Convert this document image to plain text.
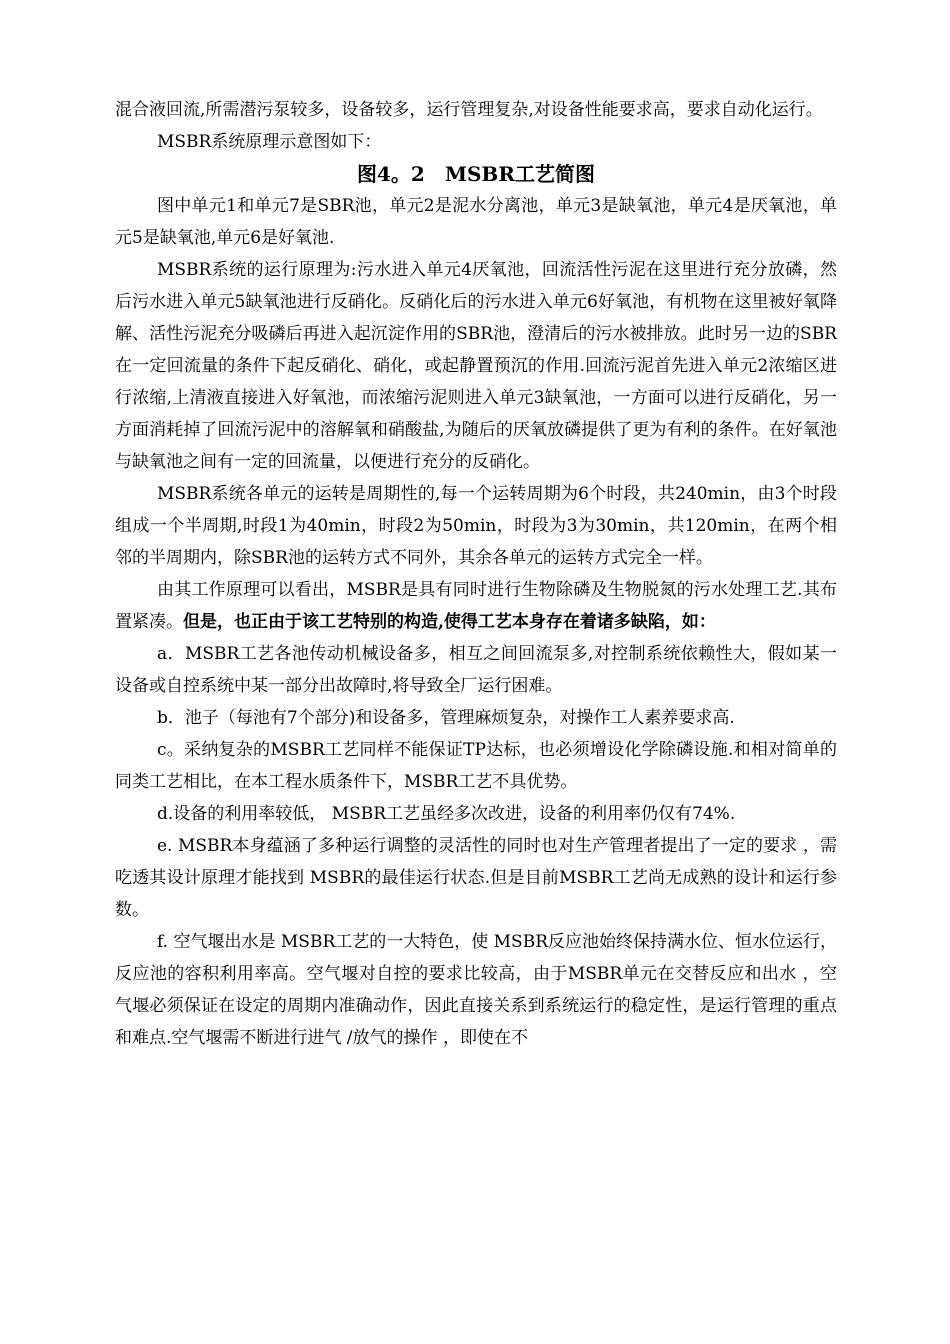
混合液回流,所需潜污泵较多，设备较多，运行管理复杂,对设备性能要求高，要求自动化运行。

MSBR系统原理示意图如下：

图4。2　MSBR工艺简图

图中单元1和单元7是SBR池，单元2是泥水分离池，单元3是缺氧池，单元4是厌氧池，单元5是缺氧池,单元6是好氧池.

MSBR系统的运行原理为:污水进入单元4厌氧池，回流活性污泥在这里进行充分放磷，然后污水进入单元5缺氧池进行反硝化。反硝化后的污水进入单元6好氧池，有机物在这里被好氧降解、活性污泥充分吸磷后再进入起沉淀作用的SBR池，澄清后的污水被排放。此时另一边的SBR在一定回流量的条件下起反硝化、硝化，或起静置预沉的作用.回流污泥首先进入单元2浓缩区进行浓缩,上清液直接进入好氧池，而浓缩污泥则进入单元3缺氧池，一方面可以进行反硝化，另一方面消耗掉了回流污泥中的溶解氧和硝酸盐,为随后的厌氧放磷提供了更为有利的条件。在好氧池与缺氧池之间有一定的回流量，以便进行充分的反硝化。

MSBR系统各单元的运转是周期性的,每一个运转周期为6个时段，共240min，由3个时段组成一个半周期,时段1为40min，时段2为50min，时段为3为30min，共120min，在两个相邻的半周期内，除SBR池的运转方式不同外，其余各单元的运转方式完全一样。

由其工作原理可以看出，MSBR是具有同时进行生物除磷及生物脱氮的污水处理工艺.其布置紧凑。但是，也正由于该工艺特别的构造,使得工艺本身存在着诸多缺陷，如：

a．MSBR工艺各池传动机械设备多，相互之间回流泵多,对控制系统依赖性大，假如某一设备或自控系统中某一部分出故障时,将导致全厂运行困难。

b．池子（每池有7个部分)和设备多，管理麻烦复杂，对操作工人素养要求高.

c。采纳复杂的MSBR工艺同样不能保证TP达标，也必须增设化学除磷设施.和相对简单的同类工艺相比，在本工程水质条件下，MSBR工艺不具优势。

d.设备的利用率较低， MSBR工艺虽经多次改进，设备的利用率仍仅有74%.

e. MSBR本身蕴涵了多种运行调整的灵活性的同时也对生产管理者提出了一定的要求 ，需吃透其设计原理才能找到 MSBR的最佳运行状态.但是目前MSBR工艺尚无成熟的设计和运行参数。

f. 空气堰出水是 MSBR工艺的一大特色，使 MSBR反应池始终保持满水位、恒水位运行，反应池的容积利用率高。空气堰对自控的要求比较高，由于MSBR单元在交替反应和出水 ，空气堰必须保证在设定的周期内准确动作，因此直接关系到系统运行的稳定性，是运行管理的重点和难点.空气堰需不断进行进气 /放气的操作 ，即使在不
